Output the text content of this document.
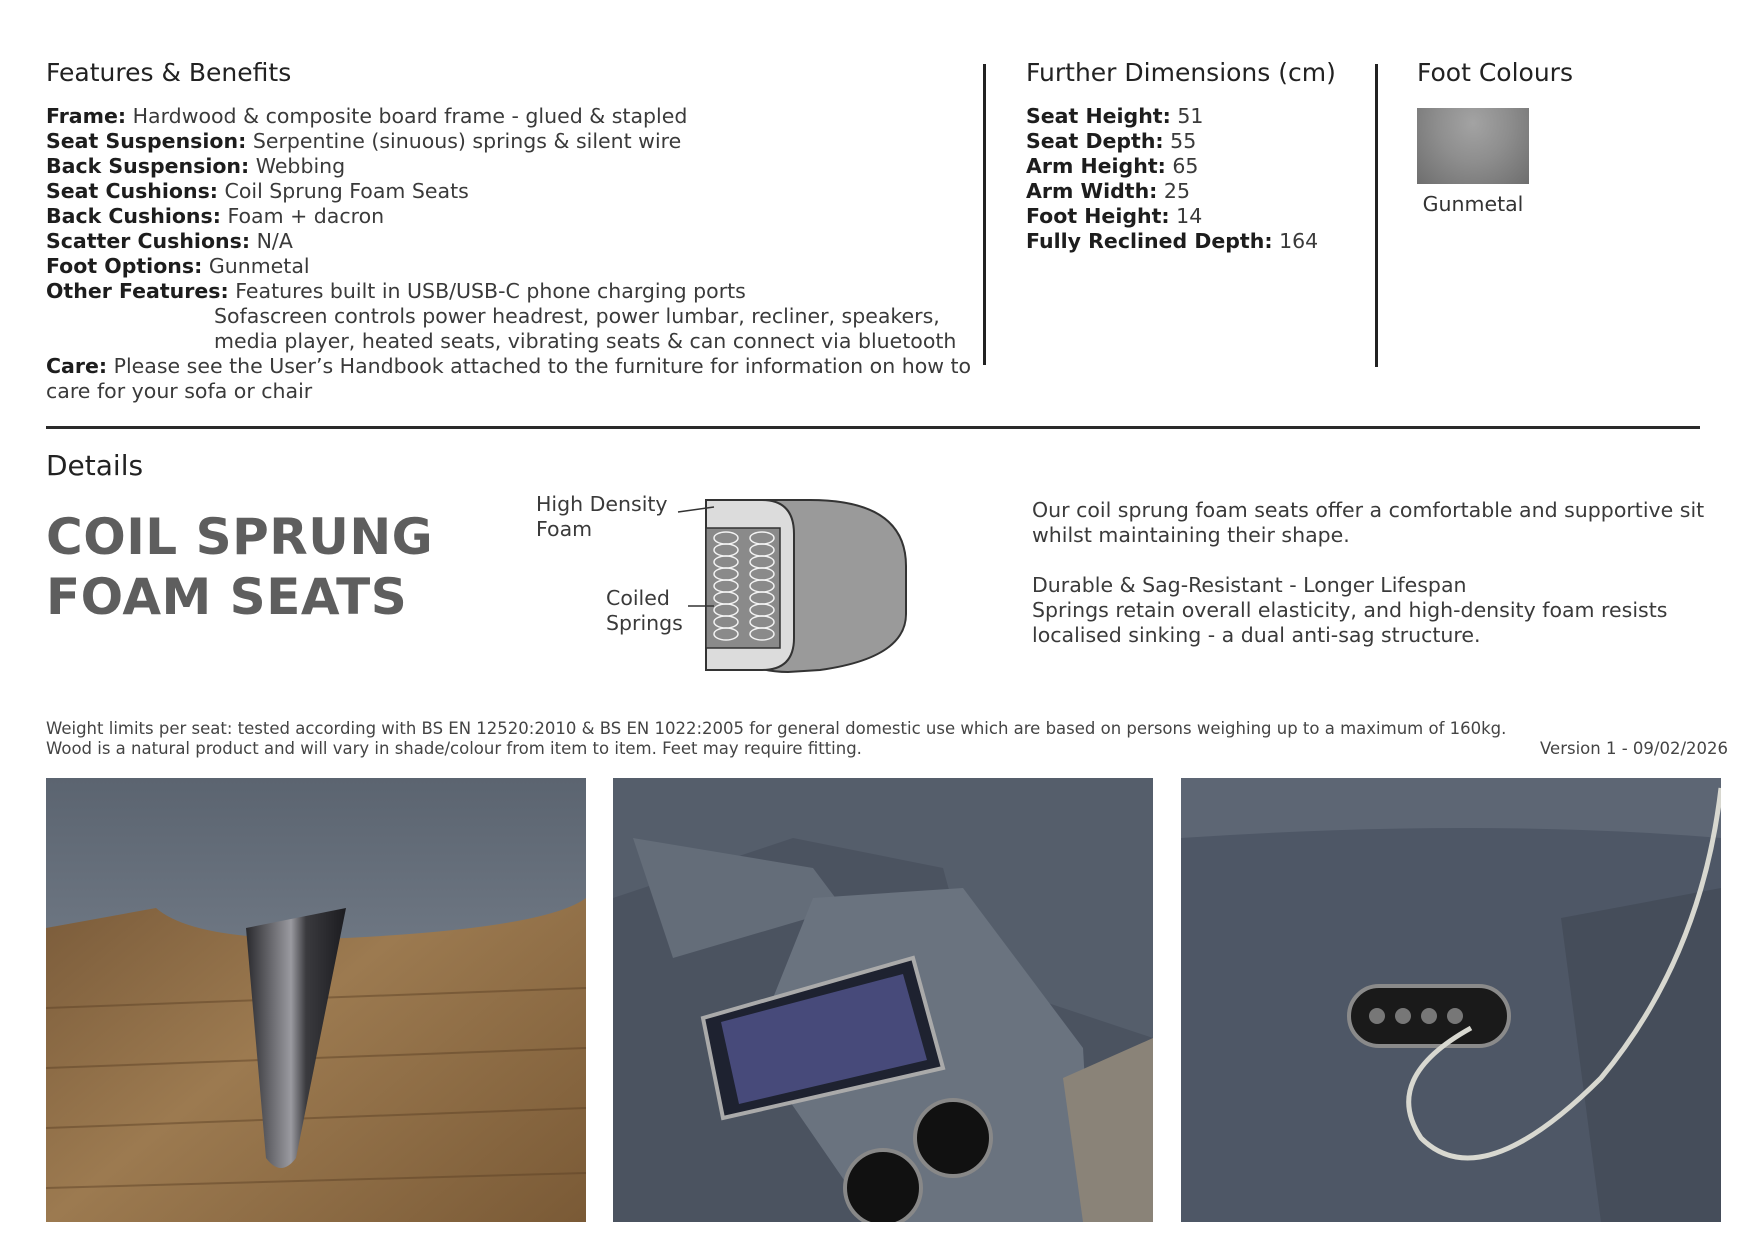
Features & Benefits
Frame: Hardwood & composite board frame - glued & stapled
Seat Suspension: Serpentine (sinuous) springs & silent wire
Back Suspension: Webbing
Seat Cushions: Coil Sprung Foam Seats
Back Cushions: Foam + dacron
Scatter Cushions: N/A
Foot Options: Gunmetal
Other Features: Features built in USB/USB-C phone charging ports
Sofascreen controls power headrest, power lumbar, recliner, speakers,
media player, heated seats, vibrating seats & can connect via bluetooth
Care: Please see the User’s Handbook attached to the furniture for information on how to care for your sofa or chair
Further Dimensions (cm)
Seat Height: 51
Seat Depth: 55
Arm Height: 65
Arm Width: 25
Foot Height: 14
Fully Reclined Depth: 164
Foot Colours
Gunmetal
Details
COIL SPRUNG
FOAM SEATS
High Density
Foam
Coiled
Springs
Our coil sprung foam seats offer a comfortable and supportive sit whilst maintaining their shape.
Durable & Sag-Resistant - Longer Lifespan
Springs retain overall elasticity, and high-density foam resists localised sinking - a dual anti-sag structure.
Weight limits per seat: tested according with BS EN 12520:2010 & BS EN 1022:2005 for general domestic use which are based on persons weighing up to a maximum of 160kg.
Wood is a natural product and will vary in shade/colour from item to item. Feet may require fitting.	Version 1 - 09/02/2026
